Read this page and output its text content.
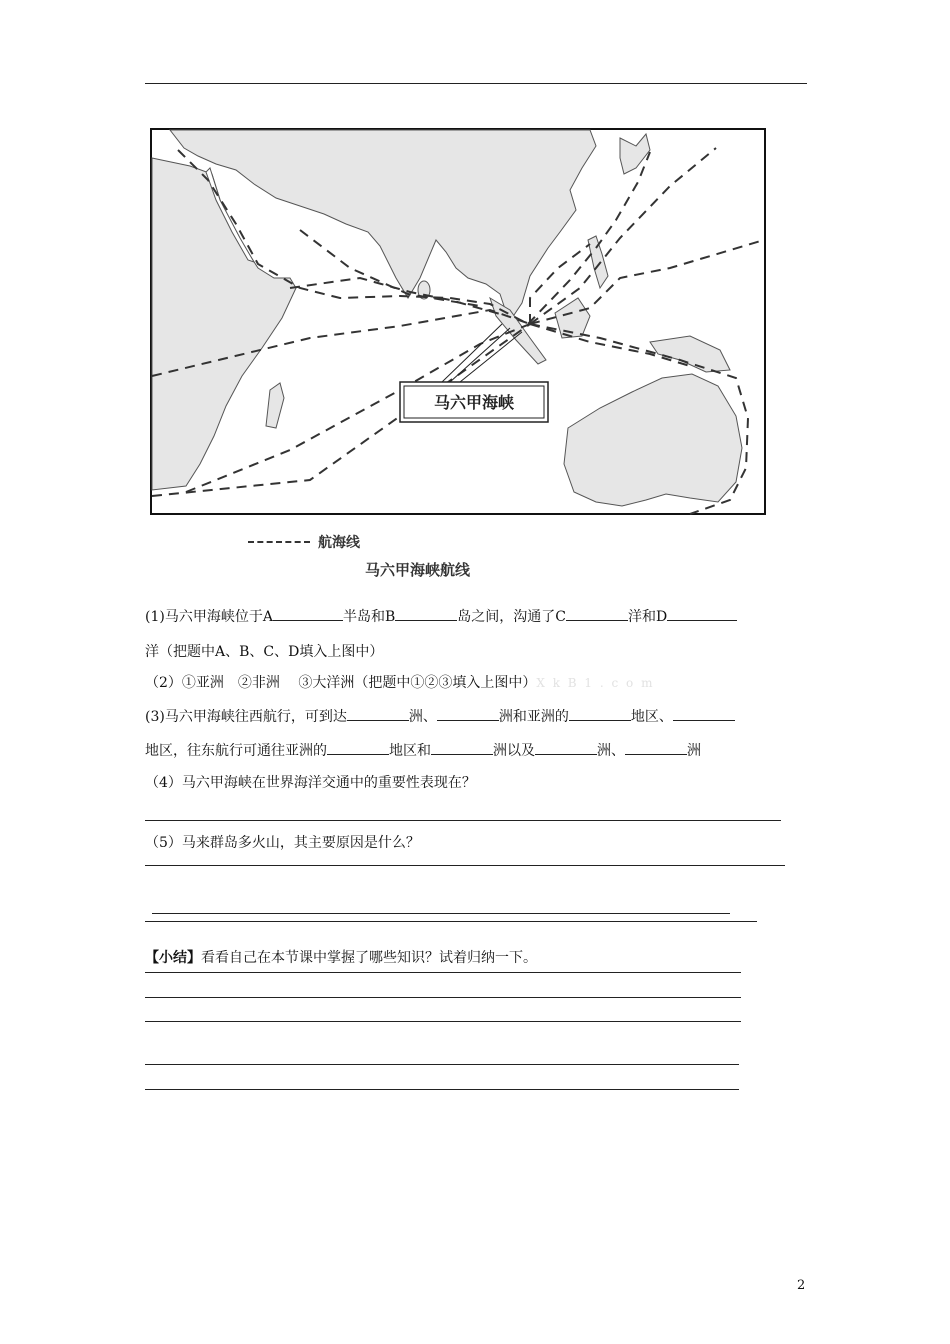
马六甲海峡
航海线
马六甲海峡航线
(1)马六甲海峡位于A	半岛和B	岛之间，沟通了C	洋和D
洋（把题中A、B、C、D填入上图中）
（2）①亚洲　②非洲　 ③大洋洲（把题中①②③填入上图中）X k B 1 . c o m
(3)马六甲海峡往西航行，可到达	洲、	洲和亚洲的	地区、
地区，往东航行可通往亚洲的	地区和	洲以及	洲、	洲
（4）马六甲海峡在世界海洋交通中的重要性表现在？
（5）马来群岛多火山，其主要原因是什么？
【小结】看看自己在本节课中掌握了哪些知识？试着归纳一下。
2
